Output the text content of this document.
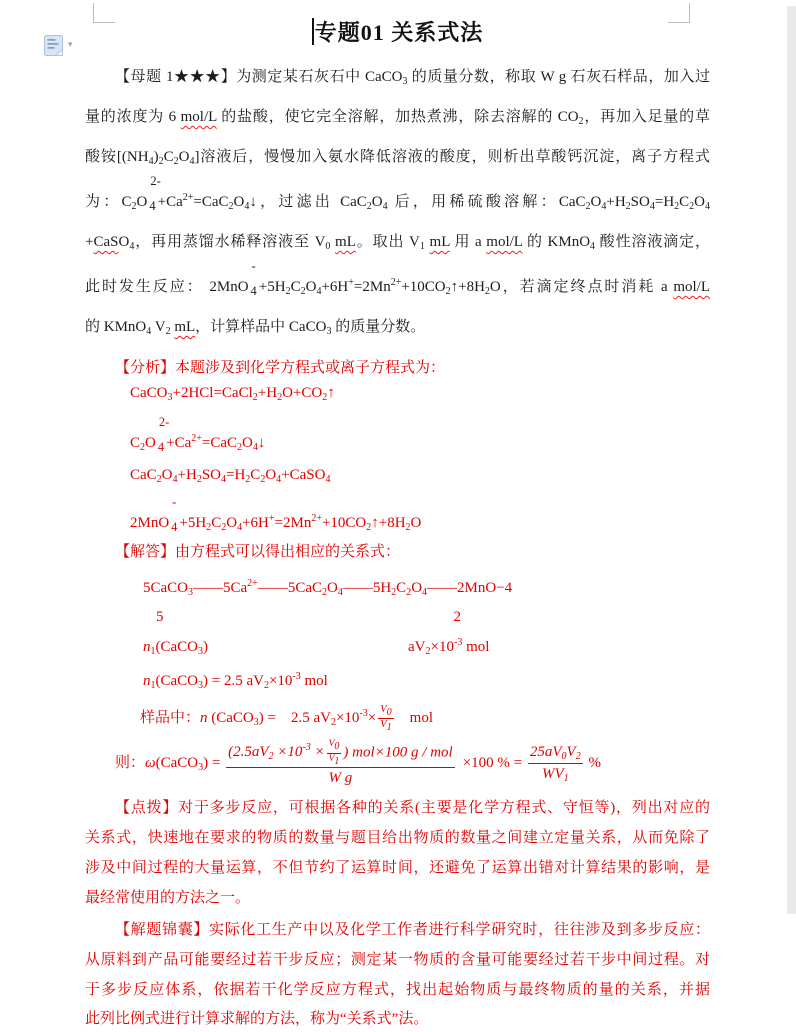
▾	专题01 关系式法
【母题 1★★★】为测定某石灰石中 CaCO$_3$ 的质量分数，称取 W g 石灰石样品，加入过
量的浓度为 6 mol/L 的盐酸，使它完全溶解，加热煮沸，除去溶解的 $CO_2$，再加入足量的草
酸铵$[(NH_4)_2C_2O_4]$溶液后，慢慢加入氨水降低溶液的酸度，则析出草酸钙沉淀，离子方程式
为：$C_2O$
2-
$_4 +Ca^{2+}=CaC_2O_4↓$，过滤出 $CaC_2O_4$ 后，用稀硫酸溶解：$CaC_2O_4+H_2SO_4=H_2C_2O_4$
+CaSO$_4$，再用蒸馏水稀释溶液至 $V_0$ mL。取出 $V_1$ mL 用 a mol/L 的 KMnO$_4$ 酸性溶液滴定，
此时发生反应： 2MnO
-
$_4 +5H_2C_2O_4+6H^+=2Mn^{2+}+10CO_2↑+8H_2O$，若滴定终点时消耗 a mol/L
的 KMnO$_4$ $V_2$ mL，计算样品中 CaCO$_3$ 的质量分数。
【分析】本题涉及到化学方程式或离子方程式为：
$CaCO_3+2HCl=CaCl_2+H_2O+CO_2↑$
$C_2O$
2-
$_4 +Ca^{2+}=CaC_2O_4↓$
$CaC_2O_4+H_2SO_4=H_2C_2O_4+CaSO_4$
2MnO
-
$_4 +5H_2C_2O_4+6H^+=2Mn^{2+}+10CO_2↑+8H_2O$
【解答】由方程式可以得出相应的关系式：
$5CaCO_3——5Ca^{2+}——5CaC_2O_4——5H_2C_2O_4——2MnO-4$
5	2
$n_1(CaCO_3)$	$aV_2\times 10^{-3}$ mol
$n_1(CaCO_3) = 2.5$ $aV_2\times 10^{-3}$ mol
样品中：n (CaCO$_3$) =　2.5 $aV_2\times 10^{-3}\times \frac{V0}{V1}$ mol
则：ω(CaCO$_3$) = $\frac{(2.5aV_2 \times 10^{-3} \times \frac{V0}{V1} ) mol\times 100 g / mol}{\text{W g}} \times 100$ % = $\frac{25aV_0V_2}{WV_1}$ %
【点拨】对于多步反应，可根据各种的关系(主要是化学方程式、守恒等)，列出对应的
关系式，快速地在要求的物质的数量与题目给出物质的数量之间建立定量关系，从而免除了
涉及中间过程的大量运算，不但节约了运算时间，还避免了运算出错对计算结果的影响，是
最经常使用的方法之一。
【解题锦囊】实际化工生产中以及化学工作者进行科学研究时，往往涉及到多步反应：
从原料到产品可能要经过若干步反应；测定某一物质的含量可能要经过若干步中间过程。对
于多步反应体系，依据若干化学反应方程式，找出起始物质与最终物质的量的关系，并据
此列比例式进行计算求解的方法，称为“关系式”法。
